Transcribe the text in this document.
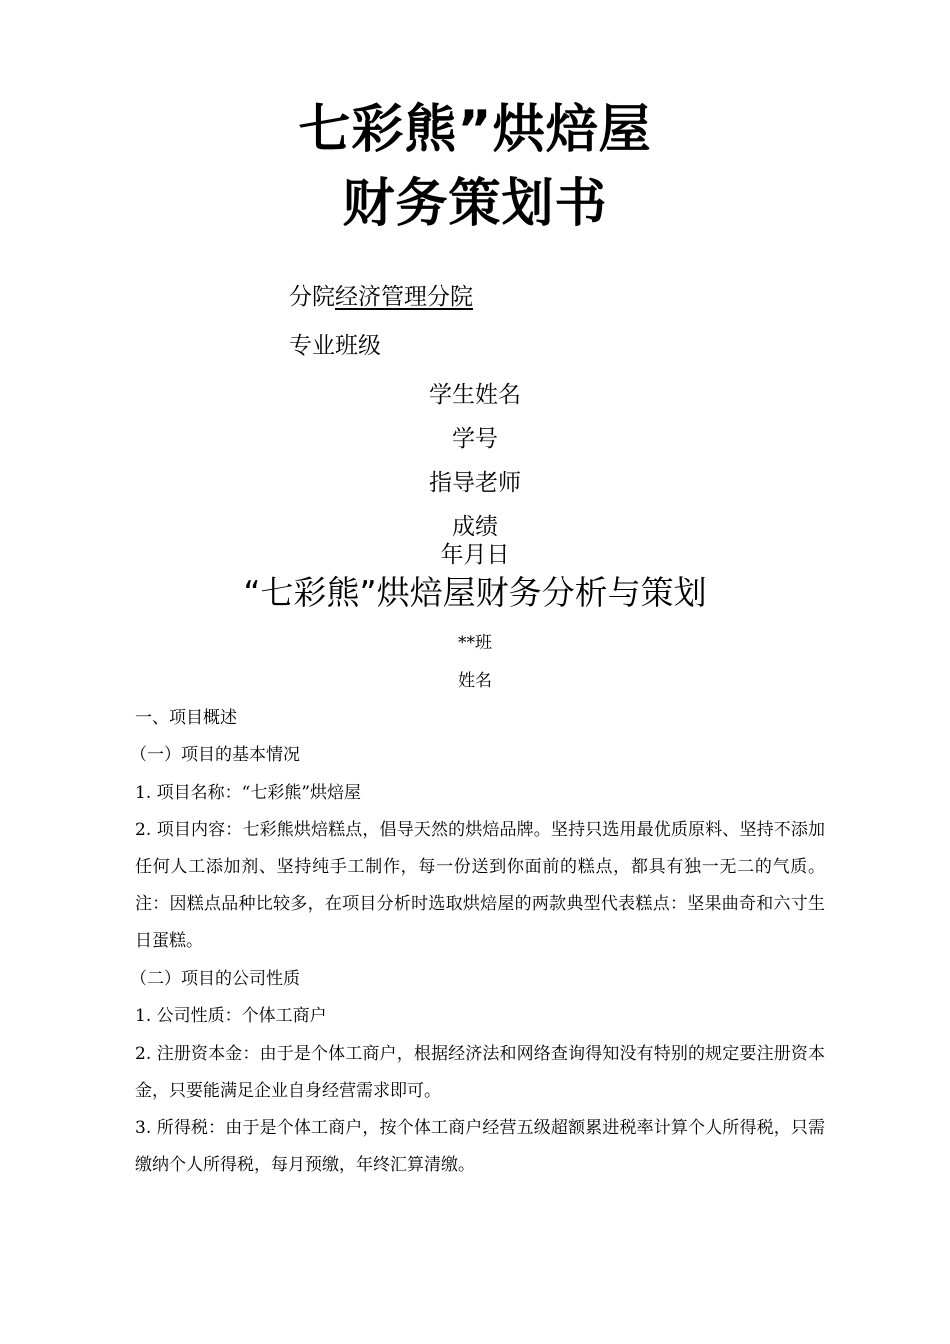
七彩熊”烘焙屋
财务策划书
分院经济管理分院
专业班级
学生姓名
学号
指导老师
成绩
年月日
“七彩熊”烘焙屋财务分析与策划
**班
姓名
一、项目概述
（一）项目的基本情况
1. 项目名称：“七彩熊”烘焙屋
2. 项目内容：七彩熊烘焙糕点，倡导天然的烘焙品牌。坚持只选用最优质原料、坚持不添加任何人工添加剂、坚持纯手工制作，每一份送到你面前的糕点，都具有独一无二的气质。注：因糕点品种比较多，在项目分析时选取烘焙屋的两款典型代表糕点：坚果曲奇和六寸生日蛋糕。
（二）项目的公司性质
1. 公司性质：个体工商户
2. 注册资本金：由于是个体工商户，根据经济法和网络查询得知没有特别的规定要注册资本金，只要能满足企业自身经营需求即可。
3. 所得税：由于是个体工商户，按个体工商户经营五级超额累进税率计算个人所得税，只需缴纳个人所得税，每月预缴，年终汇算清缴。
